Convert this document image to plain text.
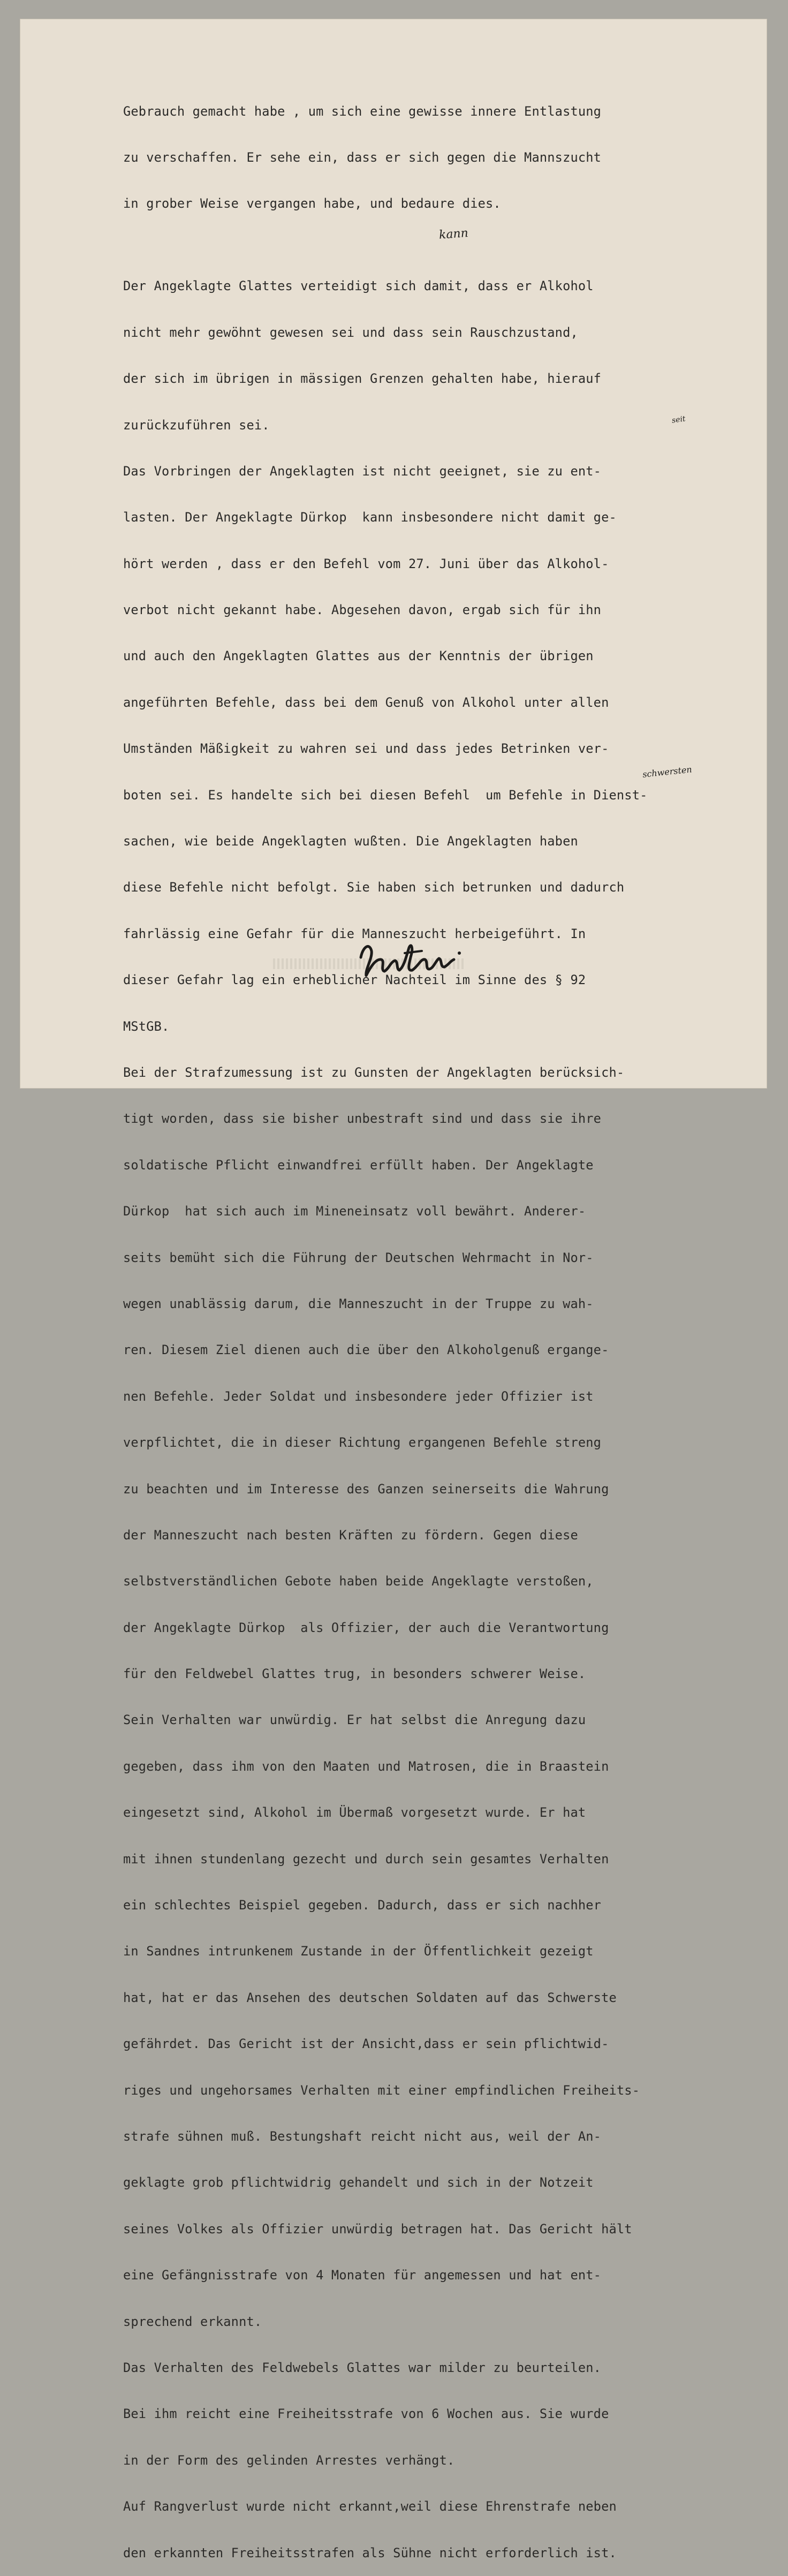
Gebrauch gemacht habe , um sich eine gewisse innere Entlastung

zu verschaffen. Er sehe ein, dass er sich gegen die Mannszucht

in grober Weise vergangen habe, und bedaure dies.

Der Angeklagte Glattes verteidigt sich damit, dass er Alkohol

nicht mehr gewöhnt gewesen sei und dass sein Rauschzustand,

der sich im übrigen in mässigen Grenzen gehalten habe, hierauf

zurückzuführen sei.

Das Vorbringen der Angeklagten ist nicht geeignet, sie zu ent-

lasten. Der Angeklagte Dürkop  kann insbesondere nicht damit ge-

hört werden , dass er den Befehl vom 27. Juni über das Alkohol-

verbot nicht gekannt habe. Abgesehen davon, ergab sich für ihn

und auch den Angeklagten Glattes aus der Kenntnis der übrigen

angeführten Befehle, dass bei dem Genuß von Alkohol unter allen

Umständen Mäßigkeit zu wahren sei und dass jedes Betrinken ver-

boten sei. Es handelte sich bei diesen Befehl  um Befehle in Dienst-

sachen, wie beide Angeklagten wußten. Die Angeklagten haben

diese Befehle nicht befolgt. Sie haben sich betrunken und dadurch

fahrlässig eine Gefahr für die Manneszucht herbeigeführt. In

dieser Gefahr lag ein erheblicher Nachteil im Sinne des § 92

MStGB.

Bei der Strafzumessung ist zu Gunsten der Angeklagten berücksich-

tigt worden, dass sie bisher unbestraft sind und dass sie ihre

soldatische Pflicht einwandfrei erfüllt haben. Der Angeklagte

Dürkop  hat sich auch im Mineneinsatz voll bewährt. Anderer-

seits bemüht sich die Führung der Deutschen Wehrmacht in Nor-

wegen unablässig darum, die Manneszucht in der Truppe zu wah-

ren. Diesem Ziel dienen auch die über den Alkoholgenuß ergange-

nen Befehle. Jeder Soldat und insbesondere jeder Offizier ist

verpflichtet, die in dieser Richtung ergangenen Befehle streng

zu beachten und im Interesse des Ganzen seinerseits die Wahrung

der Manneszucht nach besten Kräften zu fördern. Gegen diese

selbstverständlichen Gebote haben beide Angeklagte verstoßen,

der Angeklagte Dürkop  als Offizier, der auch die Verantwortung

für den Feldwebel Glattes trug, in besonders schwerer Weise.

Sein Verhalten war unwürdig. Er hat selbst die Anregung dazu

gegeben, dass ihm von den Maaten und Matrosen, die in Braastein

eingesetzt sind, Alkohol im Übermaß vorgesetzt wurde. Er hat

mit ihnen stundenlang gezecht und durch sein gesamtes Verhalten

ein schlechtes Beispiel gegeben. Dadurch, dass er sich nachher

in Sandnes intrunkenem Zustande in der Öffentlichkeit gezeigt

hat, hat er das Ansehen des deutschen Soldaten auf das Schwerste

gefährdet. Das Gericht ist der Ansicht,dass er sein pflichtwid-

riges und ungehorsames Verhalten mit einer empfindlichen Freiheits-

strafe sühnen muß. Bestungshaft reicht nicht aus, weil der An-

geklagte grob pflichtwidrig gehandelt und sich in der Notzeit

seines Volkes als Offizier unwürdig betragen hat. Das Gericht hält

eine Gefängnisstrafe von 4 Monaten für angemessen und hat ent-

sprechend erkannt.

Das Verhalten des Feldwebels Glattes war milder zu beurteilen.

Bei ihm reicht eine Freiheitsstrafe von 6 Wochen aus. Sie wurde

in der Form des gelinden Arrestes verhängt.

Auf Rangverlust wurde nicht erkannt,weil diese Ehrenstrafe neben

den erkannten Freiheitsstrafen als Sühne nicht erforderlich ist.

kann
seit
schwersten
